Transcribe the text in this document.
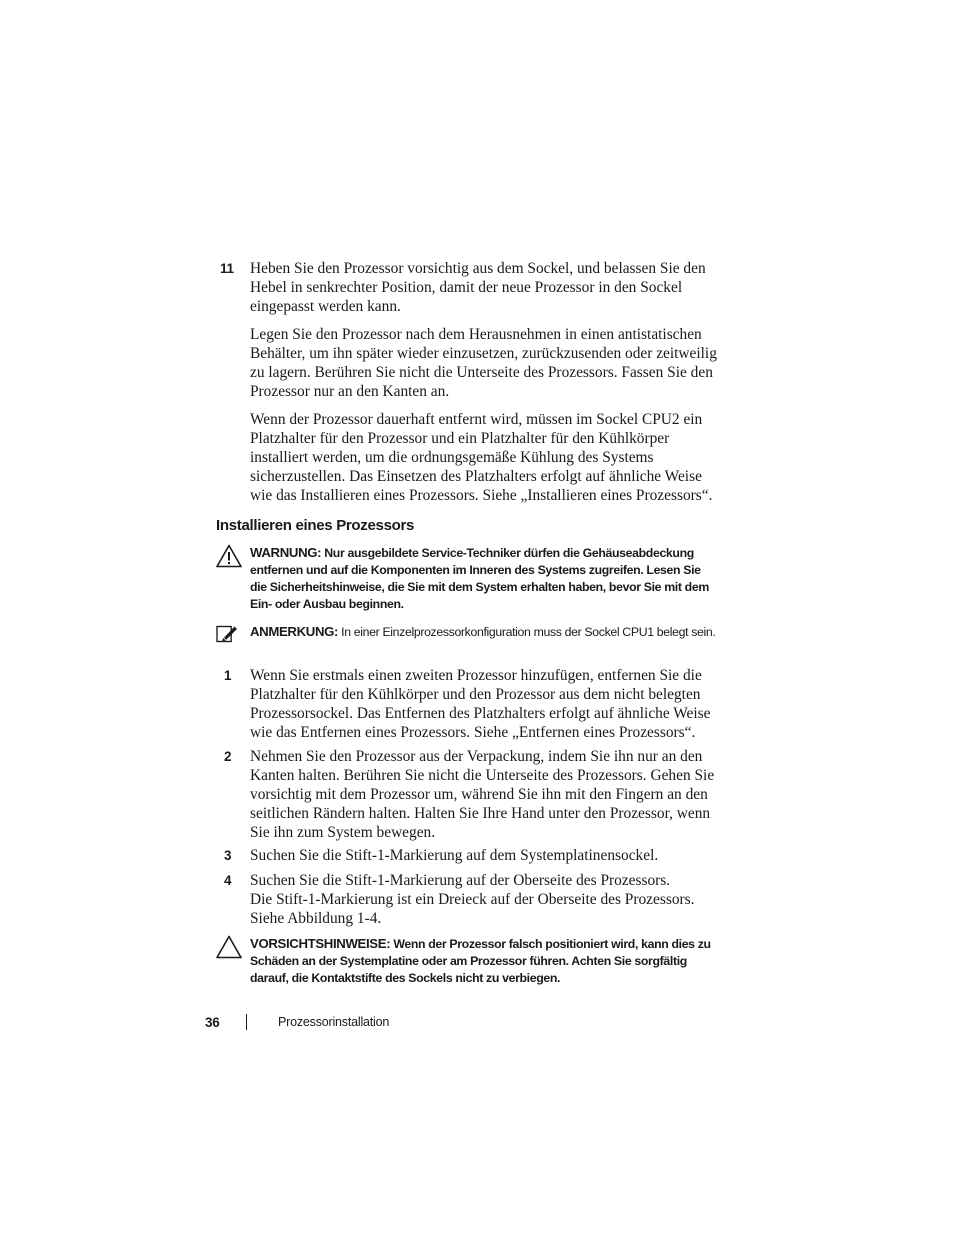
11 Heben Sie den Prozessor vorsichtig aus dem Sockel, und belassen Sie den Hebel in senkrechter Position, damit der neue Prozessor in den Sockel eingepasst werden kann.

Legen Sie den Prozessor nach dem Herausnehmen in einen antistatischen Behälter, um ihn später wieder einzusetzen, zurückzusenden oder zeitweilig zu lagern. Berühren Sie nicht die Unterseite des Prozessors. Fassen Sie den Prozessor nur an den Kanten an.

Wenn der Prozessor dauerhaft entfernt wird, müssen im Sockel CPU2 ein Platzhalter für den Prozessor und ein Platzhalter für den Kühlkörper installiert werden, um die ordnungsgemäße Kühlung des Systems sicherzustellen. Das Einsetzen des Platzhalters erfolgt auf ähnliche Weise wie das Installieren eines Prozessors. Siehe „Installieren eines Prozessors“.

Installieren eines Prozessors
WARNUNG: Nur ausgebildete Service-Techniker dürfen die Gehäuseabdeckung entfernen und auf die Komponenten im Inneren des Systems zugreifen. Lesen Sie die Sicherheitshinweise, die Sie mit dem System erhalten haben, bevor Sie mit dem Ein- oder Ausbau beginnen.
ANMERKUNG: In einer Einzelprozessorkonfiguration muss der Sockel CPU1 belegt sein.
1 Wenn Sie erstmals einen zweiten Prozessor hinzufügen, entfernen Sie die Platzhalter für den Kühlkörper und den Prozessor aus dem nicht belegten Prozessorsockel. Das Entfernen des Platzhalters erfolgt auf ähnliche Weise wie das Entfernen eines Prozessors. Siehe „Entfernen eines Prozessors“.

2 Nehmen Sie den Prozessor aus der Verpackung, indem Sie ihn nur an den Kanten halten. Berühren Sie nicht die Unterseite des Prozessors. Gehen Sie vorsichtig mit dem Prozessor um, während Sie ihn mit den Fingern an den seitlichen Rändern halten. Halten Sie Ihre Hand unter den Prozessor, wenn Sie ihn zum System bewegen.

3 Suchen Sie die Stift-1-Markierung auf dem Systemplatinensockel.

4 Suchen Sie die Stift-1-Markierung auf der Oberseite des Prozessors.

Die Stift-1-Markierung ist ein Dreieck auf der Oberseite des Prozessors. Siehe Abbildung 1-4.

VORSICHTSHINWEISE: Wenn der Prozessor falsch positioniert wird, kann dies zu Schäden an der Systemplatine oder am Prozessor führen. Achten Sie sorgfältig darauf, die Kontaktstifte des Sockels nicht zu verbiegen.
36	Prozessorinstallation
